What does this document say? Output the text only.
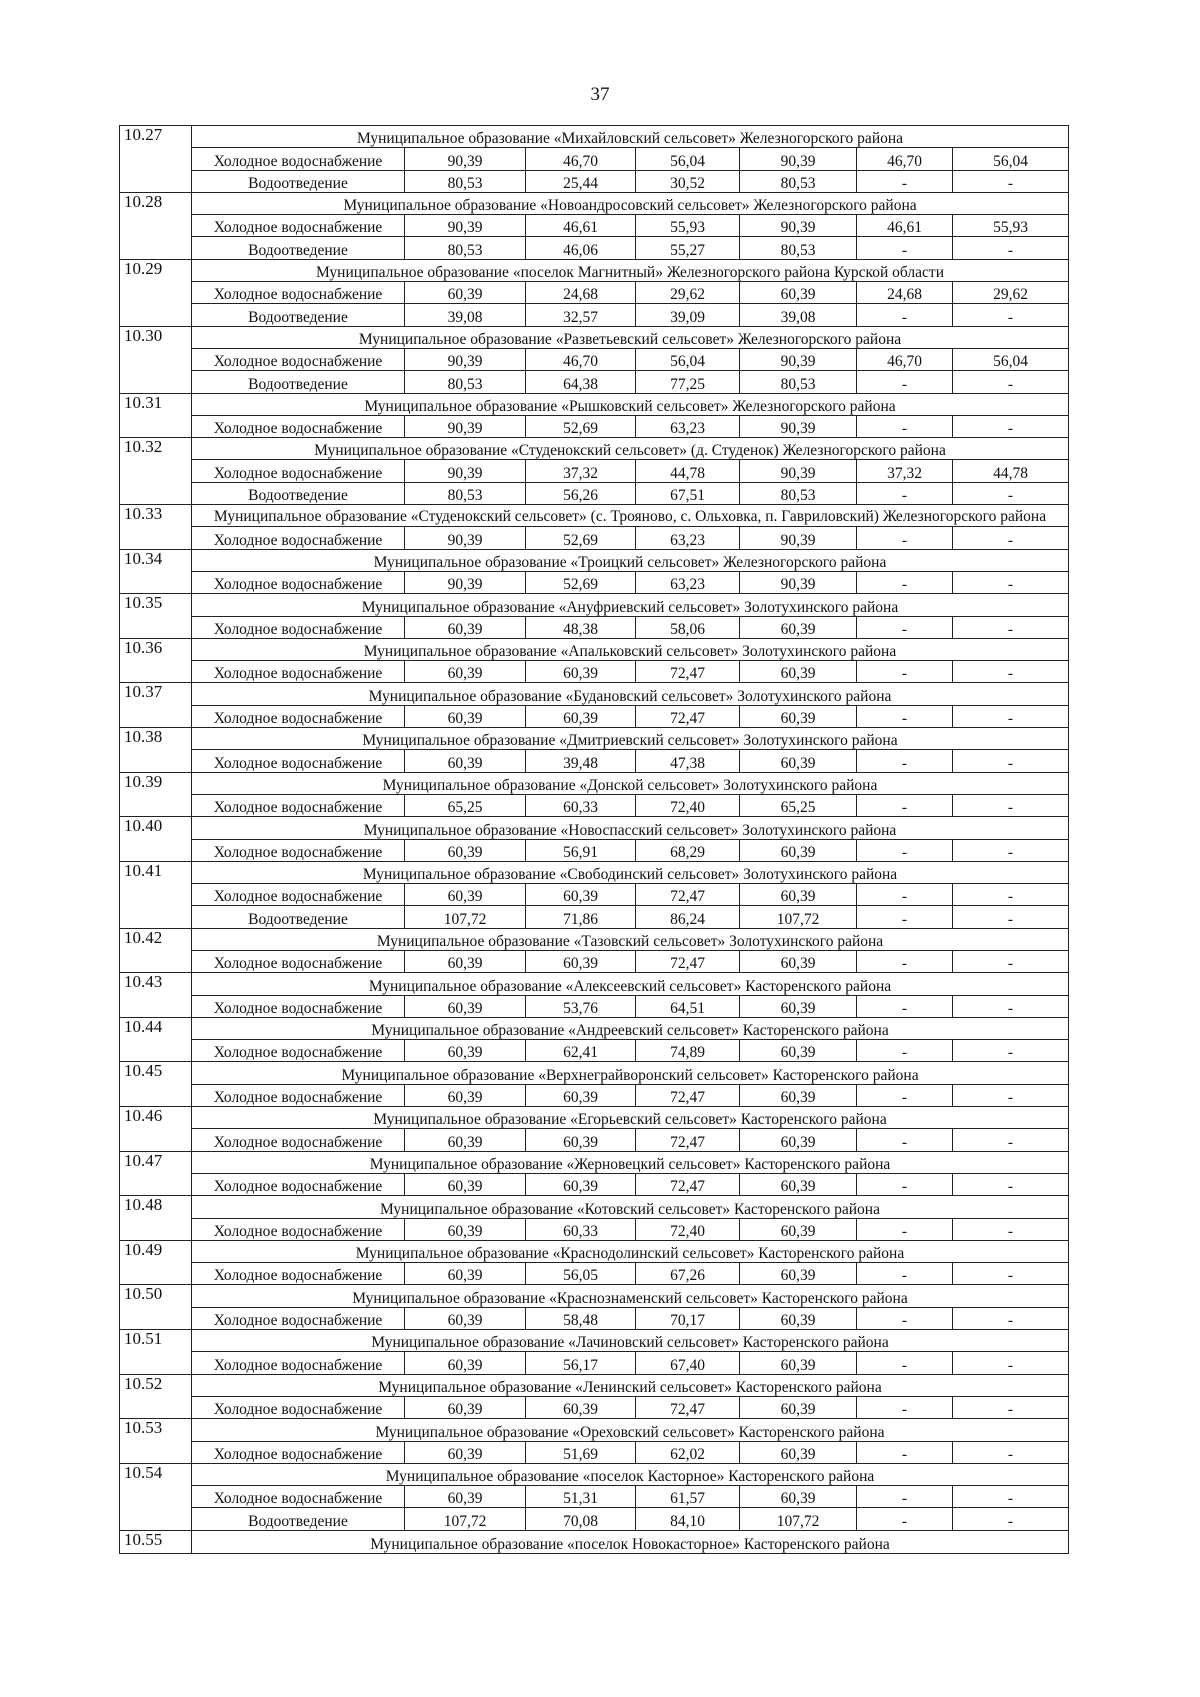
37
10.27	Муниципальное образование «Михайловский сельсовет» Железногорского района						
	Холодное водоснабжение	90,39	46,70	56,04	90,39	46,70	56,04
	Водоотведение	80,53	25,44	30,52	80,53	-	-
10.28	Муниципальное образование «Новоандросовский сельсовет» Железногорского района						
	Холодное водоснабжение	90,39	46,61	55,93	90,39	46,61	55,93
	Водоотведение	80,53	46,06	55,27	80,53	-	-
10.29	Муниципальное образование «поселок Магнитный» Железногорского района Курской области						
	Холодное водоснабжение	60,39	24,68	29,62	60,39	24,68	29,62
	Водоотведение	39,08	32,57	39,09	39,08	-	-
10.30	Муниципальное образование «Разветьевский сельсовет» Железногорского района						
	Холодное водоснабжение	90,39	46,70	56,04	90,39	46,70	56,04
	Водоотведение	80,53	64,38	77,25	80,53	-	-
10.31	Муниципальное образование «Рышковский сельсовет» Железногорского района						
	Холодное водоснабжение	90,39	52,69	63,23	90,39	-	-
10.32	Муниципальное образование «Студенокский сельсовет» (д. Студенок) Железногорского района						
	Холодное водоснабжение	90,39	37,32	44,78	90,39	37,32	44,78
	Водоотведение	80,53	56,26	67,51	80,53	-	-
10.33	Муниципальное образование «Студенокский сельсовет» (с. Трояново, с. Ольховка, п. Гавриловский) Железногорского района						
	Холодное водоснабжение	90,39	52,69	63,23	90,39	-	-
10.34	Муниципальное образование «Троицкий сельсовет» Железногорского района						
	Холодное водоснабжение	90,39	52,69	63,23	90,39	-	-
10.35	Муниципальное образование «Ануфриевский сельсовет» Золотухинского района						
	Холодное водоснабжение	60,39	48,38	58,06	60,39	-	-
10.36	Муниципальное образование «Апальковский сельсовет» Золотухинского района						
	Холодное водоснабжение	60,39	60,39	72,47	60,39	-	-
10.37	Муниципальное образование «Будановский сельсовет» Золотухинского района						
	Холодное водоснабжение	60,39	60,39	72,47	60,39	-	-
10.38	Муниципальное образование «Дмитриевский сельсовет» Золотухинского района						
	Холодное водоснабжение	60,39	39,48	47,38	60,39	-	-
10.39	Муниципальное образование «Донской сельсовет» Золотухинского района						
	Холодное водоснабжение	65,25	60,33	72,40	65,25	-	-
10.40	Муниципальное образование «Новоспасский сельсовет» Золотухинского района						
	Холодное водоснабжение	60,39	56,91	68,29	60,39	-	-
10.41	Муниципальное образование «Свободинский сельсовет» Золотухинского района						
	Холодное водоснабжение	60,39	60,39	72,47	60,39	-	-
	Водоотведение	107,72	71,86	86,24	107,72	-	-
10.42	Муниципальное образование «Тазовский сельсовет» Золотухинского района						
	Холодное водоснабжение	60,39	60,39	72,47	60,39	-	-
10.43	Муниципальное образование «Алексеевский сельсовет» Касторенского района						
	Холодное водоснабжение	60,39	53,76	64,51	60,39	-	-
10.44	Муниципальное образование «Андреевский сельсовет» Касторенского района						
	Холодное водоснабжение	60,39	62,41	74,89	60,39	-	-
10.45	Муниципальное образование «Верхнеграйворонский сельсовет» Касторенского района						
	Холодное водоснабжение	60,39	60,39	72,47	60,39	-	-
10.46	Муниципальное образование «Егорьевский сельсовет» Касторенского района						
	Холодное водоснабжение	60,39	60,39	72,47	60,39	-	-
10.47	Муниципальное образование «Жерновецкий сельсовет» Касторенского района						
	Холодное водоснабжение	60,39	60,39	72,47	60,39	-	-
10.48	Муниципальное образование «Котовский сельсовет» Касторенского района						
	Холодное водоснабжение	60,39	60,33	72,40	60,39	-	-
10.49	Муниципальное образование «Краснодолинский сельсовет» Касторенского района						
	Холодное водоснабжение	60,39	56,05	67,26	60,39	-	-
10.50	Муниципальное образование «Краснознаменский сельсовет» Касторенского района						
	Холодное водоснабжение	60,39	58,48	70,17	60,39	-	-
10.51	Муниципальное образование «Лачиновский сельсовет» Касторенского района						
	Холодное водоснабжение	60,39	56,17	67,40	60,39	-	-
10.52	Муниципальное образование «Ленинский сельсовет» Касторенского района						
	Холодное водоснабжение	60,39	60,39	72,47	60,39	-	-
10.53	Муниципальное образование «Ореховский сельсовет» Касторенского района						
	Холодное водоснабжение	60,39	51,69	62,02	60,39	-	-
10.54	Муниципальное образование «поселок Касторное» Касторенского района						
	Холодное водоснабжение	60,39	51,31	61,57	60,39	-	-
	Водоотведение	107,72	70,08	84,10	107,72	-	-
10.55	Муниципальное образование «поселок Новокасторное» Касторенского района						
